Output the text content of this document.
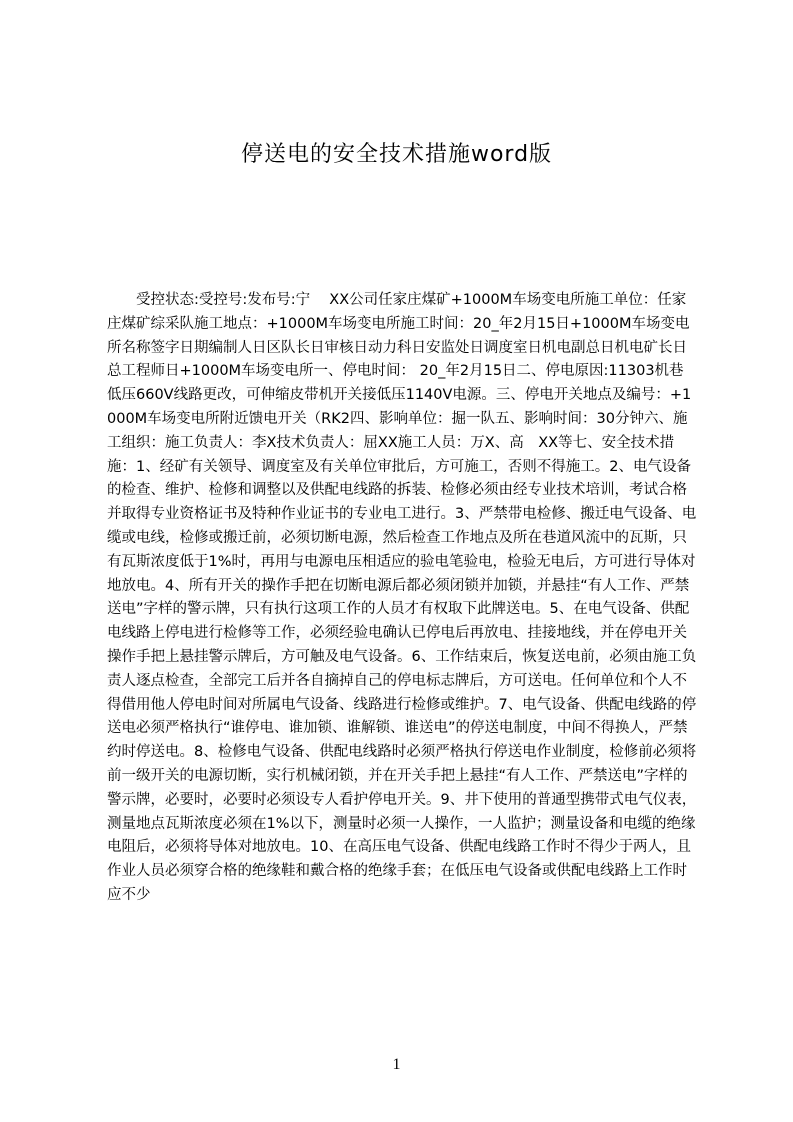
停送电的安全技术措施word版

受控状态:受控号:发布号:宁　 XX公司任家庄煤矿+1000M车场变电所施工单位：任家庄煤矿综采队施工地点：+1000M车场变电所施工时间：20_年2月15日+1000M车场变电所名称签字日期编制人日区队长日审核日动力科日安监处日调度室日机电副总日机电矿长日总工程师日+1000M车场变电所一、停电时间： 20_年2月15日二、停电原因:11303机巷低压660V线路更改，可伸缩皮带机开关接低压1140V电源。三、停电开关地点及编号：+1000M车场变电所附近馈电开关（RK2四、影响单位：掘一队五、影响时间：30分钟六、施工组织：施工负责人：李X技术负责人：屈XX施工人员：万X、高　XX等七、安全技术措施：1、经矿有关领导、调度室及有关单位审批后，方可施工，否则不得施工。2、电气设备的检查、维护、检修和调整以及供配电线路的拆装、检修必须由经专业技术培训，考试合格并取得专业资格证书及特种作业证书的专业电工进行。3、严禁带电检修、搬迁电气设备、电缆或电线，检修或搬迁前，必须切断电源，然后检查工作地点及所在巷道风流中的瓦斯，只有瓦斯浓度低于1%时，再用与电源电压相适应的验电笔验电，检验无电后，方可进行导体对地放电。4、所有开关的操作手把在切断电源后都必须闭锁并加锁，并悬挂“有人工作、严禁送电”字样的警示牌，只有执行这项工作的人员才有权取下此牌送电。5、在电气设备、供配电线路上停电进行检修等工作，必须经验电确认已停电后再放电、挂接地线，并在停电开关操作手把上悬挂警示牌后，方可触及电气设备。6、工作结束后，恢复送电前，必须由施工负责人逐点检查，全部完工后并各自摘掉自己的停电标志牌后，方可送电。任何单位和个人不得借用他人停电时间对所属电气设备、线路进行检修或维护。7、电气设备、供配电线路的停送电必须严格执行“谁停电、谁加锁、谁解锁、谁送电”的停送电制度，中间不得换人，严禁约时停送电。8、检修电气设备、供配电线路时必须严格执行停送电作业制度，检修前必须将前一级开关的电源切断，实行机械闭锁，并在开关手把上悬挂“有人工作、严禁送电”字样的警示牌，必要时，必要时必须设专人看护停电开关。9、井下使用的普通型携带式电气仪表，测量地点瓦斯浓度必须在1%以下，测量时必须一人操作，一人监护；测量设备和电缆的绝缘电阻后，必须将导体对地放电。10、在高压电气设备、供配电线路工作时不得少于两人，且作业人员必须穿合格的绝缘鞋和戴合格的绝缘手套；在低压电气设备或供配电线路上工作时应不少

1
